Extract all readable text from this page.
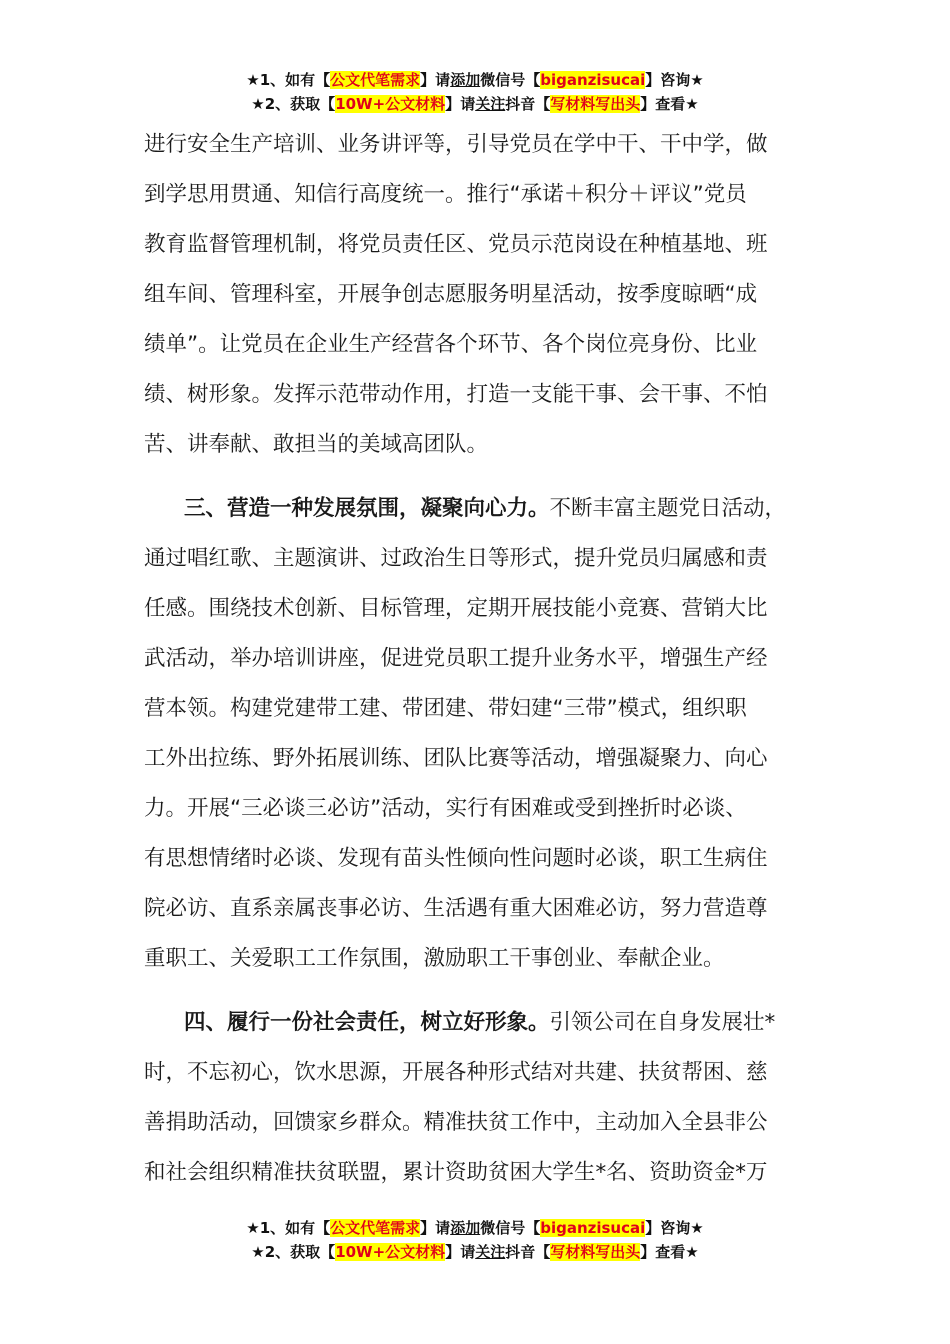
★1、如有【公文代笔需求】请添加微信号【biganzisucai】咨询★
★2、获取【10W+公文材料】请关注抖音【写材料写出头】查看★
进行安全生产培训、业务讲评等，引导党员在学中干、干中学，做
到学思用贯通、知信行高度统一。推行“承诺＋积分＋评议”党员
教育监督管理机制，将党员责任区、党员示范岗设在种植基地、班
组车间、管理科室，开展争创志愿服务明星活动，按季度晾晒“成
绩单”。让党员在企业生产经营各个环节、各个岗位亮身份、比业
绩、树形象。发挥示范带动作用，打造一支能干事、会干事、不怕
苦、讲奉献、敢担当的美域高团队。
三、营造一种发展氛围，凝聚向心力。不断丰富主题党日活动，
通过唱红歌、主题演讲、过政治生日等形式，提升党员归属感和责
任感。围绕技术创新、目标管理，定期开展技能小竞赛、营销大比
武活动，举办培训讲座，促进党员职工提升业务水平，增强生产经
营本领。构建党建带工建、带团建、带妇建“三带”模式，组织职
工外出拉练、野外拓展训练、团队比赛等活动，增强凝聚力、向心
力。开展“三必谈三必访”活动，实行有困难或受到挫折时必谈、
有思想情绪时必谈、发现有苗头性倾向性问题时必谈，职工生病住
院必访、直系亲属丧事必访、生活遇有重大困难必访，努力营造尊
重职工、关爱职工工作氛围，激励职工干事创业、奉献企业。
四、履行一份社会责任，树立好形象。引领公司在自身发展壮*
时，不忘初心，饮水思源，开展各种形式结对共建、扶贫帮困、慈
善捐助活动，回馈家乡群众。精准扶贫工作中，主动加入全县非公
和社会组织精准扶贫联盟，累计资助贫困大学生*名、资助资金*万
★1、如有【公文代笔需求】请添加微信号【biganzisucai】咨询★
★2、获取【10W+公文材料】请关注抖音【写材料写出头】查看★
